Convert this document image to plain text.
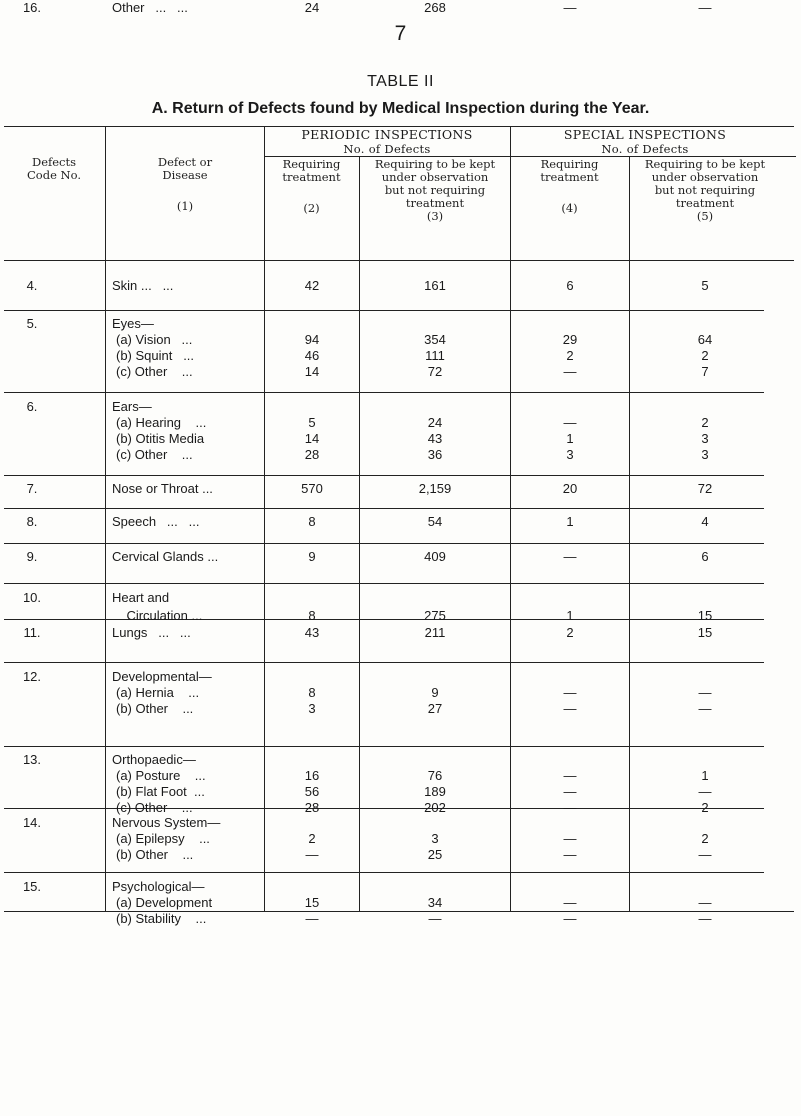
7
TABLE II
A. Return of Defects found by Medical Inspection during the Year.
Defects
Code No.
Defect or
Disease
(1)
PERIODIC INSPECTIONS
No. of Defects
SPECIAL INSPECTIONS
No. of Defects
Requiring
treatment
(2)
Requiring to be kept
under observation
but not requiring
treatment
(3)
Requiring
treatment
(4)
Requiring to be kept
under observation
but not requiring
treatment
(5)
4.	Skin ...   ...	42	161	6	5
5.	Eyes—
(a) Vision   ...	94	354	29	64
(b) Squint   ...	46	111	2	2
(c) Other    ...	14	72	—	7
6.	Ears—
(a) Hearing    ...	5	24	—	2
(b) Otitis Media	14	43	1	3
(c) Other    ...	28	36	3	3
7.	Nose or Throat ...	570	2,159	20	72
8.	Speech   ...   ...	8	54	1	4
9.	Cervical Glands ...	9	409	—	6
10.	Heart and
Circulation ...	8	275	1	15
11.	Lungs   ...   ...	43	211	2	15
12.	Developmental—
(a) Hernia    ...	8	9	—	—
(b) Other    ...	3	27	—	—
13.	Orthopaedic—
(a) Posture    ...	16	76	—	1
(b) Flat Foot  ...	56	189	—	—
(c) Other    ...	28	202	—	2
14.	Nervous System—
(a) Epilepsy    ...	2	3	—	2
(b) Other    ...	—	25	—	—
15.	Psychological—
(a) Development	15	34	—	—
(b) Stability    ...	—	—	—	—
16.	Other   ...   ...	24	268	—	—
